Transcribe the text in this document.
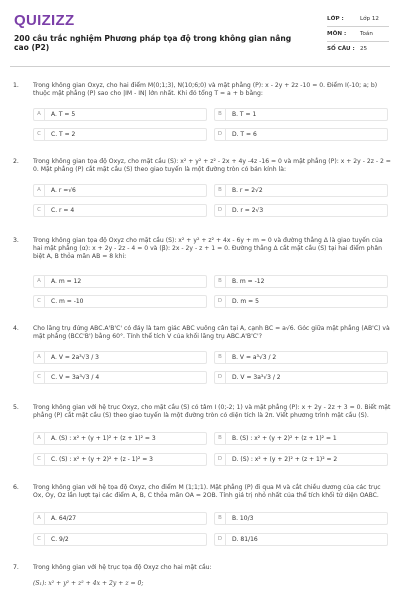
QUIZIZZ
200 câu trắc nghiệm Phương pháp tọa độ trong không gian nâng cao (P2)
LỚP :	Lớp 12
MÔN :	Toán
SỐ CÂU : 25
1. Trong không gian Oxyz, cho hai điểm M(0;1;3), N(10;6;0) và mặt phẳng (P): x - 2y + 2z -10 = 0. Điểm I(-10; a; b) thuộc mặt phẳng (P) sao cho |IM - IN| lớn nhất. Khi đó tổng T = a + b bằng:
A	A. T = 5	B	B. T = 1
C	C. T = 2	D	D. T = 6
2. Trong không gian tọa độ Oxyz, cho mặt cầu (S): x² + y² + z² - 2x + 4y -4z -16 = 0 và mặt phẳng (P): x + 2y - 2z - 2 = 0. Mặt phẳng (P) cắt mặt cầu (S) theo giao tuyến là một đường tròn có bán kính là:
A	A. r =√6	B	B. r = 2√2
C	C. r = 4	D	D. r = 2√3
3. Trong không gian tọa độ Oxyz cho mặt cầu (S): x² + y² + z² + 4x - 6y + m = 0 và đường thẳng Δ là giao tuyến của hai mặt phẳng (α): x + 2y - 2z - 4 = 0 và (β): 2x - 2y - z + 1 = 0. Đường thẳng Δ cắt mặt cầu (S) tại hai điểm phân biệt A, B thỏa mãn AB = 8 khi:
A	A. m = 12	B	B. m = -12
C	C. m = -10	D	D. m = 5
4. Cho lăng trụ đứng ABC.A'B'C' có đáy là tam giác ABC vuông cân tại A, cạnh BC = a√6. Góc giữa mặt phẳng (AB'C) và mặt phẳng (BCC'B') bằng 60°. Tính thể tích V của khối lăng trụ ABC.A'B'C'?
A	A. V = 2a³√3 / 3	B	B. V = a³√3 / 2
C	C. V = 3a³√3 / 4	D	D. V = 3a³√3 / 2
5. Trong không gian với hệ trục Oxyz, cho mặt cầu (S) có tâm I (0;-2; 1) và mặt phẳng (P): x + 2y - 2z + 3 = 0. Biết mặt phẳng (P) cắt mặt cầu (S) theo giao tuyến là một đường tròn có diện tích là 2π. Viết phương trình mặt cầu (S).
A	A. (S) : x² + (y + 1)² + (z + 1)² = 3	B	B. (S) : x² + (y + 2)² + (z + 1)² = 1
C	C. (S) : x² + (y + 2)² + (z - 1)² = 3	D	D. (S) : x² + (y + 2)² + (z + 1)² = 2
6. Trong không gian với hệ tọa độ Oxyz, cho điểm M (1;1;1). Mặt phẳng (P) đi qua M và cắt chiều dương của các trục Ox, Oy, Oz lần lượt tại các điểm A, B, C thỏa mãn OA = 2OB. Tính giá trị nhỏ nhất của thể tích khối tứ diện OABC.
A	A. 64/27	B	B. 10/3
C	C. 9/2	D	D. 81/16
7. Trong không gian với hệ trục tọa độ Oxyz cho hai mặt cầu:
(S₁): x² + y² + z² + 4x + 2y + z = 0;
